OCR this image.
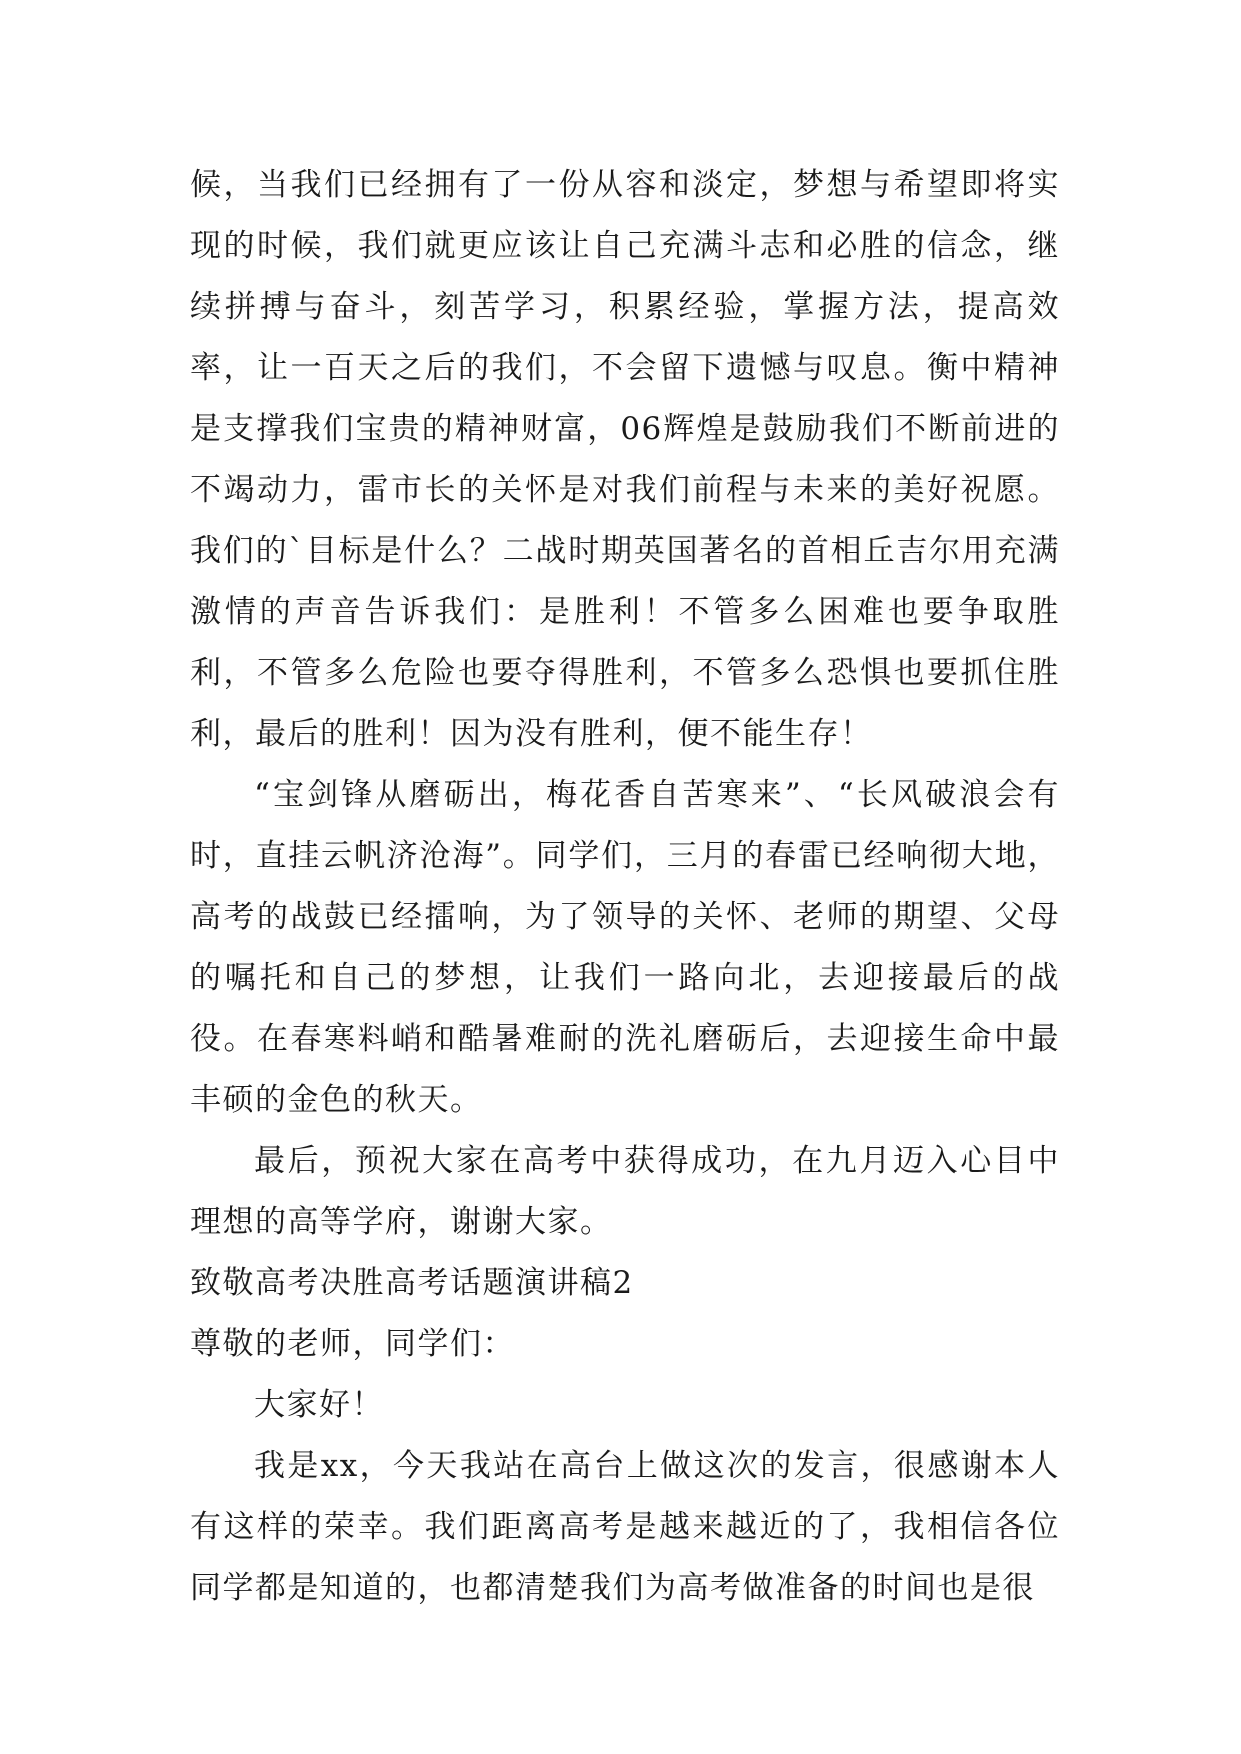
候，当我们已经拥有了一份从容和淡定，梦想与希望即将实现的时候，我们就更应该让自己充满斗志和必胜的信念，继续拼搏与奋斗，刻苦学习，积累经验，掌握方法，提高效率，让一百天之后的我们，不会留下遗憾与叹息。衡中精神是支撑我们宝贵的精神财富，06辉煌是鼓励我们不断前进的不竭动力，雷市长的关怀是对我们前程与未来的美好祝愿。我们的`目标是什么？二战时期英国著名的首相丘吉尔用充满激情的声音告诉我们：是胜利！不管多么困难也要争取胜利，不管多么危险也要夺得胜利，不管多么恐惧也要抓住胜利，最后的胜利！因为没有胜利，便不能生存！

“宝剑锋从磨砺出，梅花香自苦寒来”、“长风破浪会有时，直挂云帆济沧海”。同学们，三月的春雷已经响彻大地，高考的战鼓已经擂响，为了领导的关怀、老师的期望、父母的嘱托和自己的梦想，让我们一路向北，去迎接最后的战役。在春寒料峭和酷暑难耐的洗礼磨砺后，去迎接生命中最丰硕的金色的秋天。

最后，预祝大家在高考中获得成功，在九月迈入心目中理想的高等学府，谢谢大家。

致敬高考决胜高考话题演讲稿2

尊敬的老师，同学们：

大家好！

我是xx，今天我站在高台上做这次的发言，很感谢本人有这样的荣幸。我们距离高考是越来越近的了，我相信各位同学都是知道的，也都清楚我们为高考做准备的时间也是很
